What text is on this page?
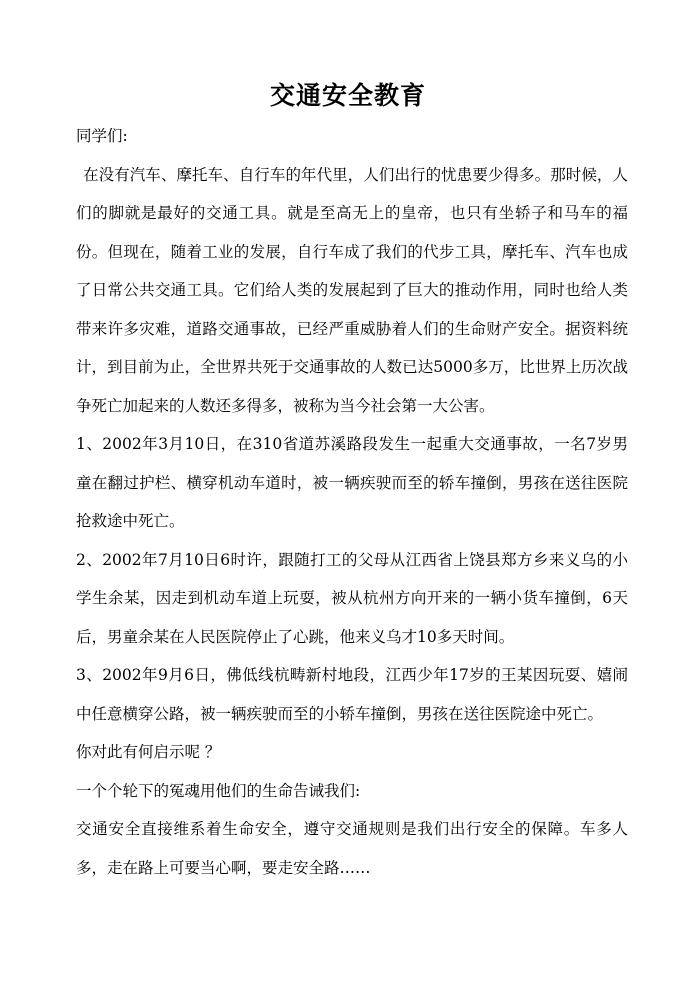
交通安全教育

同学们:

在没有汽车、摩托车、自行车的年代里，人们出行的忧患要少得多。那时候，人们的脚就是最好的交通工具。就是至高无上的皇帝，也只有坐轿子和马车的福份。但现在，随着工业的发展，自行车成了我们的代步工具，摩托车、汽车也成了日常公共交通工具。它们给人类的发展起到了巨大的推动作用，同时也给人类带来许多灾难，道路交通事故，已经严重威胁着人们的生命财产安全。据资料统计，到目前为止，全世界共死于交通事故的人数已达5000多万，比世界上历次战争死亡加起来的人数还多得多，被称为当今社会第一大公害。

1、2002年3月10日，在310省道苏溪路段发生一起重大交通事故，一名7岁男童在翻过护栏、横穿机动车道时，被一辆疾驶而至的轿车撞倒，男孩在送往医院抢救途中死亡。

2、2002年7月10日6时许，跟随打工的父母从江西省上饶县郑方乡来义乌的小学生余某，因走到机动车道上玩耍，被从杭州方向开来的一辆小货车撞倒，6天后，男童余某在人民医院停止了心跳，他来义乌才10多天时间。

3、2002年9月6日，佛低线杭畴新村地段，江西少年17岁的王某因玩耍、嬉闹中任意横穿公路，被一辆疾驶而至的小轿车撞倒，男孩在送往医院途中死亡。

你对此有何启示呢 ？

一个个轮下的冤魂用他们的生命告诫我们:

交通安全直接维系着生命安全，遵守交通规则是我们出行安全的保障。车多人多，走在路上可要当心啊，要走安全路……
